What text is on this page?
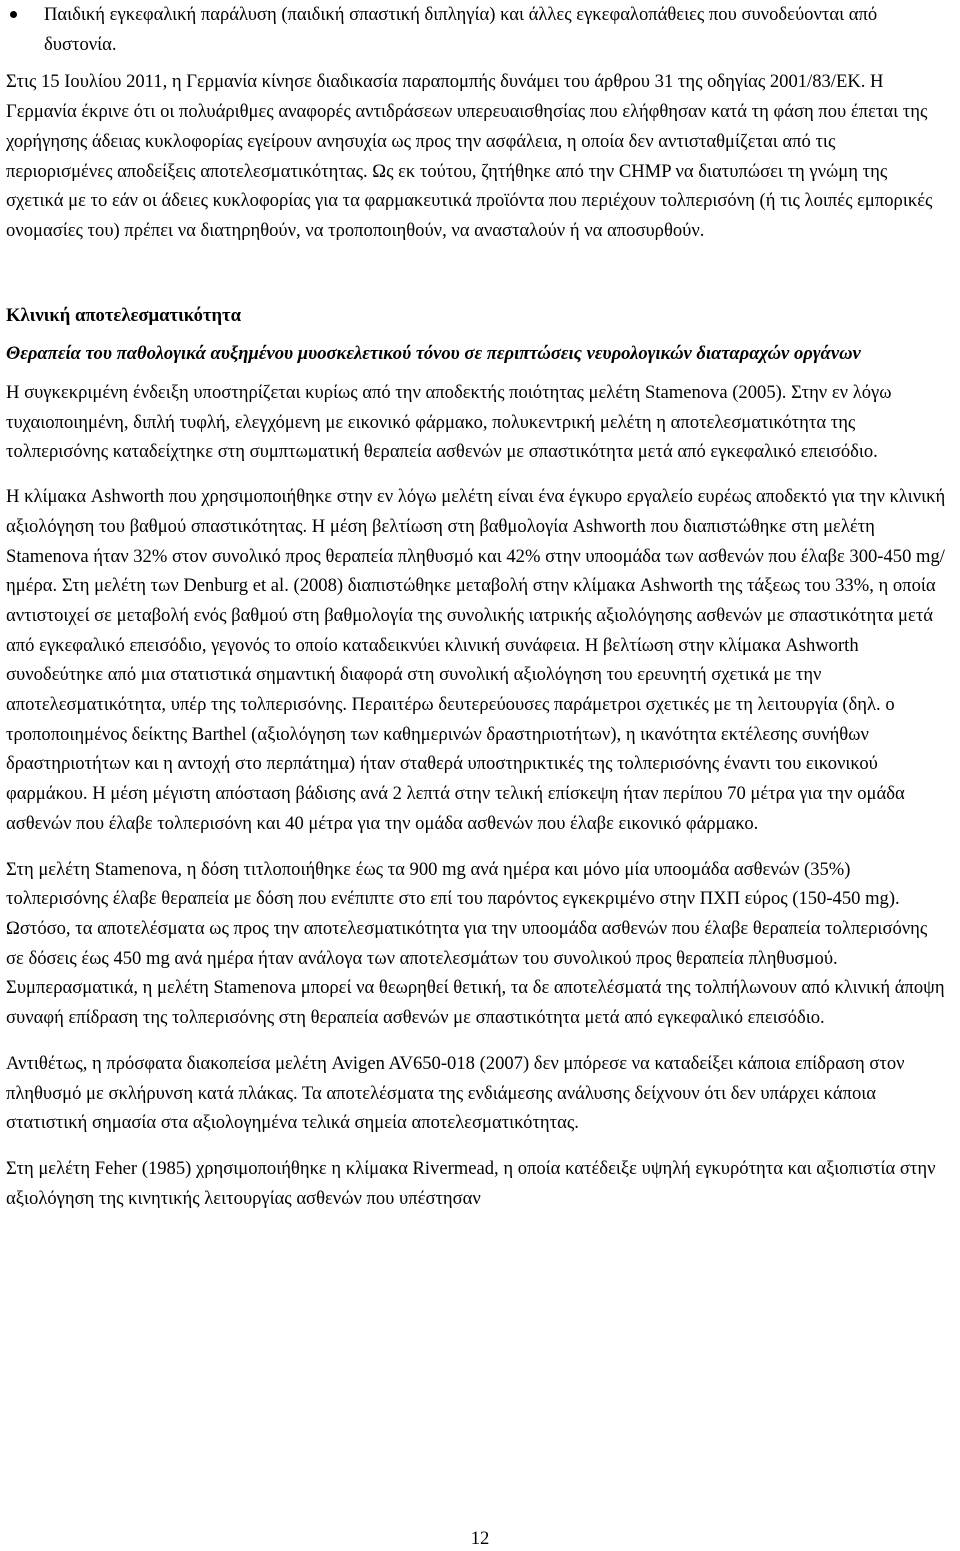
Παιδική εγκεφαλική παράλυση (παιδική σπαστική διπληγία) και άλλες εγκεφαλοπάθειες που συνοδεύονται από δυστονία.

Στις 15 Ιουλίου 2011, η Γερμανία κίνησε διαδικασία παραπομπής δυνάμει του άρθρου 31 της οδηγίας 2001/83/ΕΚ. Η Γερμανία έκρινε ότι οι πολυάριθμες αναφορές αντιδράσεων υπερευαισθησίας που ελήφθησαν κατά τη φάση που έπεται της χορήγησης άδειας κυκλοφορίας εγείρουν ανησυχία ως προς την ασφάλεια, η οποία δεν αντισταθμίζεται από τις περιορισμένες αποδείξεις αποτελεσματικότητας. Ως εκ τούτου, ζητήθηκε από την CHMP να διατυπώσει τη γνώμη της σχετικά με το εάν οι άδειες κυκλοφορίας για τα φαρμακευτικά προϊόντα που περιέχουν τολπερισόνη (ή τις λοιπές εμπορικές ονομασίες του) πρέπει να διατηρηθούν, να τροποποιηθούν, να ανασταλούν ή να αποσυρθούν.

Κλινική αποτελεσματικότητα
Θεραπεία του παθολογικά αυξημένου μυοσκελετικού τόνου σε περιπτώσεις νευρολογικών διαταραχών οργάνων

Η συγκεκριμένη ένδειξη υποστηρίζεται κυρίως από την αποδεκτής ποιότητας μελέτη Stamenova (2005). Στην εν λόγω τυχαιοποιημένη, διπλή τυφλή, ελεγχόμενη με εικονικό φάρμακο, πολυκεντρική μελέτη η αποτελεσματικότητα της τολπερισόνης καταδείχτηκε στη συμπτωματική θεραπεία ασθενών με σπαστικότητα μετά από εγκεφαλικό επεισόδιο.

Η κλίμακα Ashworth που χρησιμοποιήθηκε στην εν λόγω μελέτη είναι ένα έγκυρο εργαλείο ευρέως αποδεκτό για την κλινική αξιολόγηση του βαθμού σπαστικότητας. Η μέση βελτίωση στη βαθμολογία Ashworth που διαπιστώθηκε στη μελέτη Stamenova ήταν 32% στον συνολικό προς θεραπεία πληθυσμό και 42% στην υποομάδα των ασθενών που έλαβε 300-450 mg/ημέρα. Στη μελέτη των Denburg et al. (2008) διαπιστώθηκε μεταβολή στην κλίμακα Ashworth της τάξεως του 33%, η οποία αντιστοιχεί σε μεταβολή ενός βαθμού στη βαθμολογία της συνολικής ιατρικής αξιολόγησης ασθενών με σπαστικότητα μετά από εγκεφαλικό επεισόδιο, γεγονός το οποίο καταδεικνύει κλινική συνάφεια. Η βελτίωση στην κλίμακα Ashworth συνοδεύτηκε από μια στατιστικά σημαντική διαφορά στη συνολική αξιολόγηση του ερευνητή σχετικά με την αποτελεσματικότητα, υπέρ της τολπερισόνης. Περαιτέρω δευτερεύουσες παράμετροι σχετικές με τη λειτουργία (δηλ. ο τροποποιημένος δείκτης Barthel (αξιολόγηση των καθημερινών δραστηριοτήτων), η ικανότητα εκτέλεσης συνήθων δραστηριοτήτων και η αντοχή στο περπάτημα) ήταν σταθερά υποστηρικτικές της τολπερισόνης έναντι του εικονικού φαρμάκου. Η μέση μέγιστη απόσταση βάδισης ανά 2 λεπτά στην τελική επίσκεψη ήταν περίπου 70 μέτρα για την ομάδα ασθενών που έλαβε τολπερισόνη και 40 μέτρα για την ομάδα ασθενών που έλαβε εικονικό φάρμακο.

Στη μελέτη Stamenova, η δόση τιτλοποιήθηκε έως τα 900 mg ανά ημέρα και μόνο μία υποομάδα ασθενών (35%) τολπερισόνης έλαβε θεραπεία με δόση που ενέπιπτε στο επί του παρόντος εγκεκριμένο στην ΠΧΠ εύρος (150-450 mg). Ωστόσο, τα αποτελέσματα ως προς την αποτελεσματικότητα για την υποομάδα ασθενών που έλαβε θεραπεία τολπερισόνης σε δόσεις έως 450 mg ανά ημέρα ήταν ανάλογα των αποτελεσμάτων του συνολικού προς θεραπεία πληθυσμού. Συμπερασματικά, η μελέτη Stamenova μπορεί να θεωρηθεί θετική, τα δε αποτελέσματά της τολπήλωνουν από κλινική άποψη συναφή επίδραση της τολπερισόνης στη θεραπεία ασθενών με σπαστικότητα μετά από εγκεφαλικό επεισόδιο.

Αντιθέτως, η πρόσφατα διακοπείσα μελέτη Avigen AV650-018 (2007) δεν μπόρεσε να καταδείξει κάποια επίδραση στον πληθυσμό με σκλήρυνση κατά πλάκας. Τα αποτελέσματα της ενδιάμεσης ανάλυσης δείχνουν ότι δεν υπάρχει κάποια στατιστική σημασία στα αξιολογημένα τελικά σημεία αποτελεσματικότητας.

Στη μελέτη Feher (1985) χρησιμοποιήθηκε η κλίμακα Rivermead, η οποία κατέδειξε υψηλή εγκυρότητα και αξιοπιστία στην αξιολόγηση της κινητικής λειτουργίας ασθενών που υπέστησαν

12
